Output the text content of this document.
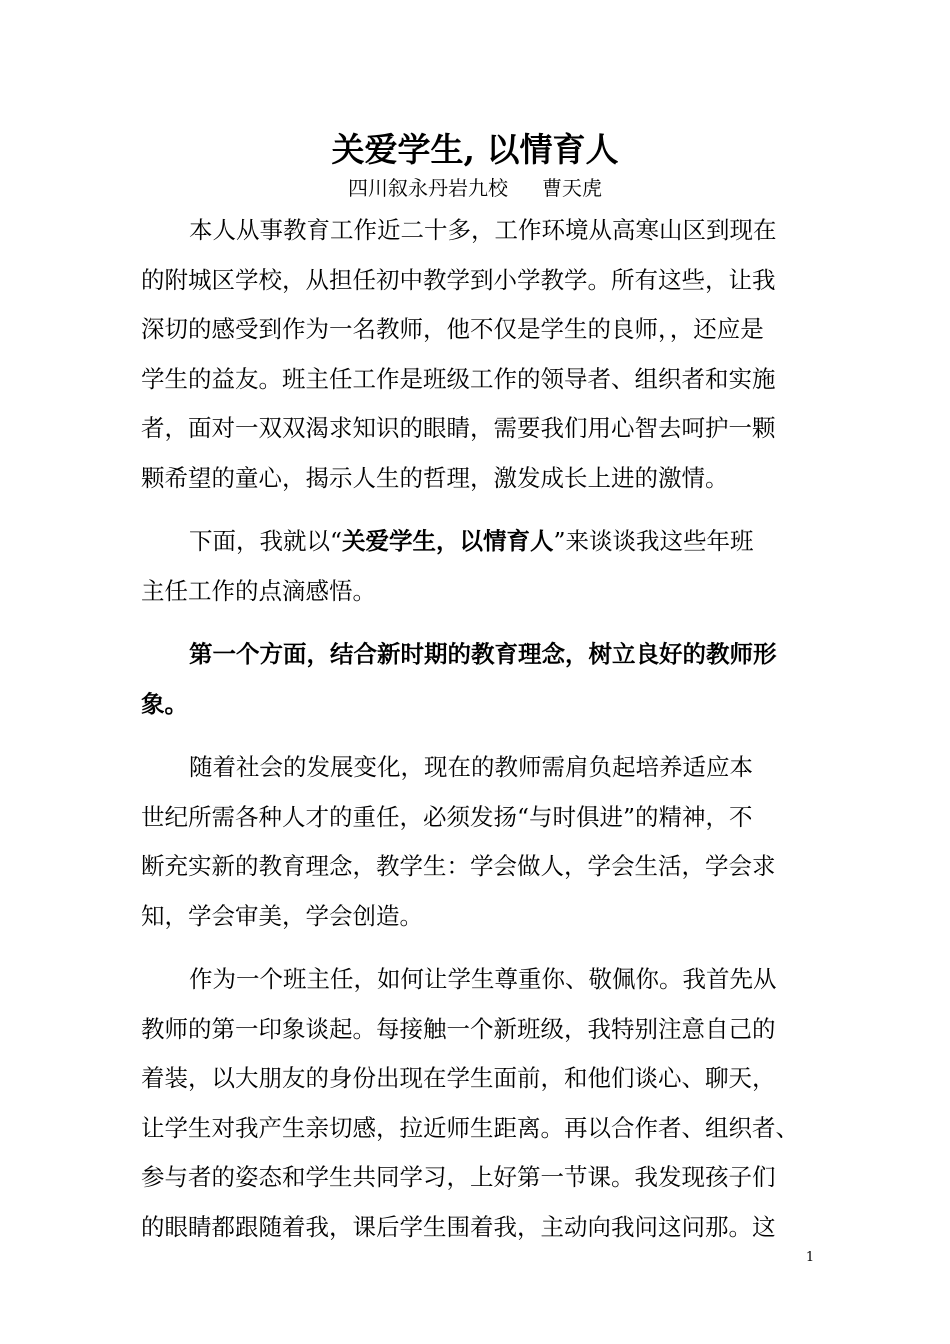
关爱学生, 以情育人
四川叙永丹岩九校 曹天虎
本人从事教育工作近二十多，工作环境从高寒山区到现在
的附城区学校，从担任初中教学到小学教学。所有这些，让我
深切的感受到作为一名教师，他不仅是学生的良师，，还应是
学生的益友。班主任工作是班级工作的领导者、组织者和实施
者，面对一双双渴求知识的眼睛，需要我们用心智去呵护一颗
颗希望的童心，揭示人生的哲理，激发成长上进的激情。
下面，我就以“关爱学生，以情育人”来谈谈我这些年班
主任工作的点滴感悟。
第一个方面，结合新时期的教育理念，树立良好的教师形
象。
随着社会的发展变化，现在的教师需肩负起培养适应本
世纪所需各种人才的重任，必须发扬“与时俱进”的精神，不
断充实新的教育理念，教学生：学会做人，学会生活，学会求
知，学会审美，学会创造。
作为一个班主任，如何让学生尊重你、敬佩你。我首先从
教师的第一印象谈起。每接触一个新班级，我特别注意自己的
着装，以大朋友的身份出现在学生面前，和他们谈心、聊天，
让学生对我产生亲切感，拉近师生距离。再以合作者、组织者、
参与者的姿态和学生共同学习，上好第一节课。我发现孩子们
的眼睛都跟随着我，课后学生围着我，主动向我问这问那。这
1
